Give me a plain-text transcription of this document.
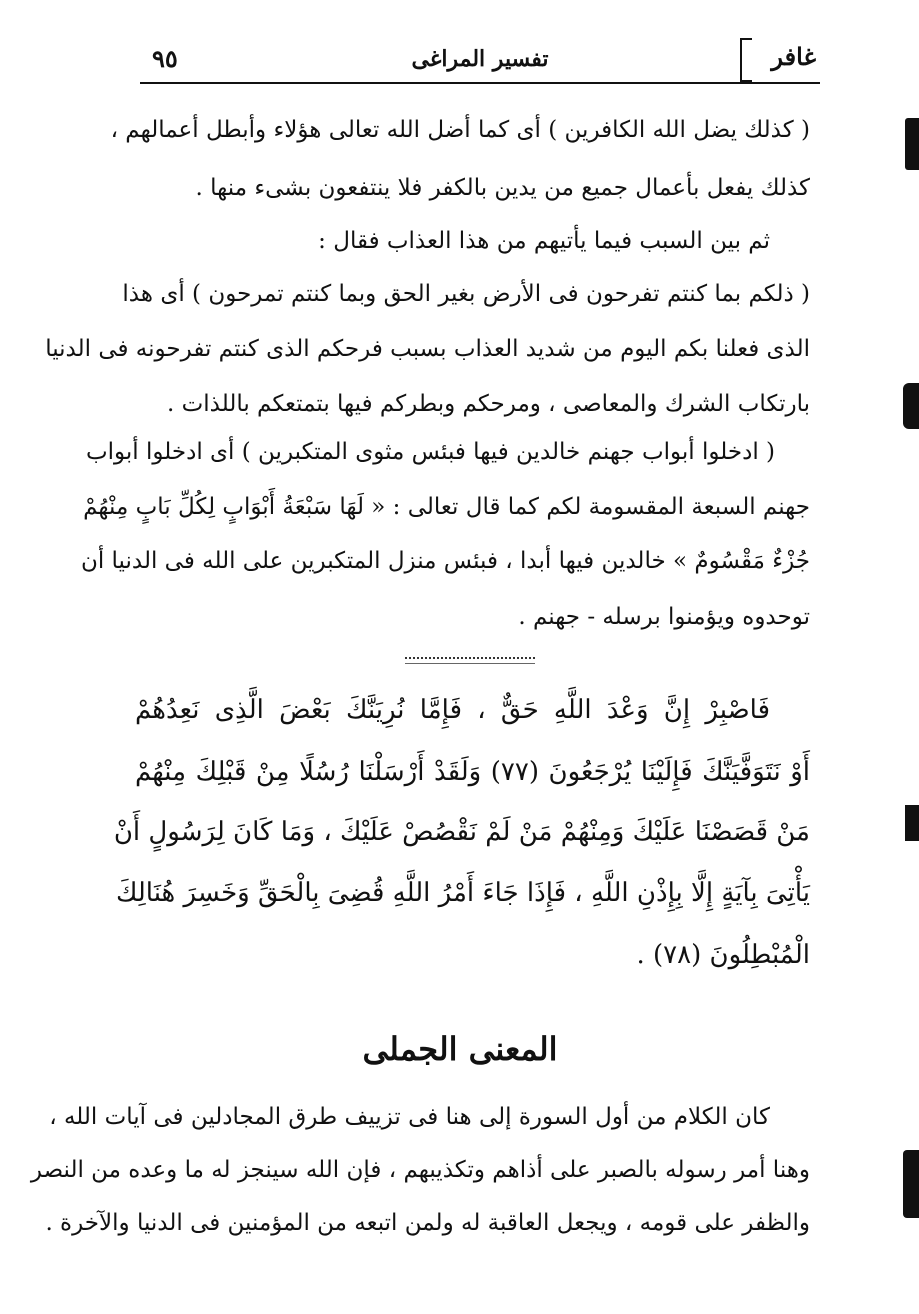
٩٥	تفسير المراغى	غافر
( كذلك يضل الله الكافرين ) أى كما أضل الله تعالى هؤلاء وأبطل أعمالهم ،
كذلك يفعل بأعمال جميع من يدين بالكفر فلا ينتفعون بشىء منها .
ثم بين السبب فيما يأتيهم من هذا العذاب فقال :
( ذلكم بما كنتم تفرحون فى الأرض بغير الحق وبما كنتم تمرحون ) أى هذا
الذى فعلنا بكم اليوم من شديد العذاب بسبب فرحكم الذى كنتم تفرحونه فى الدنيا
بارتكاب الشرك والمعاصى ، ومرحكم وبطركم فيها بتمتعكم باللذات .
( ادخلوا أبواب جهنم خالدين فيها فبئس مثوى المتكبرين ) أى ادخلوا أبواب
جهنم السبعة المقسومة لكم كما قال تعالى : « لَهَا سَبْعَةُ أَبْوَابٍ لِكُلِّ بَابٍ مِنْهُمْ
جُزْءٌ مَقْسُومٌ » خالدين فيها أبدا ، فبئس منزل المتكبرين على الله فى الدنيا أن
توحدوه ويؤمنوا برسله - جهنم .
فَاصْبِرْ إِنَّ وَعْدَ اللَّهِ حَقٌّ ، فَإِمَّا نُرِيَنَّكَ بَعْضَ الَّذِى نَعِدُهُمْ
أَوْ نَتَوَفَّيَنَّكَ فَإِلَيْنَا يُرْجَعُونَ (٧٧) وَلَقَدْ أَرْسَلْنَا رُسُلًا مِنْ قَبْلِكَ مِنْهُمْ
مَنْ قَصَصْنَا عَلَيْكَ وَمِنْهُمْ مَنْ لَمْ نَقْصُصْ عَلَيْكَ ، وَمَا كَانَ لِرَسُولٍ أَنْ
يَأْتِىَ بِآيَةٍ إِلَّا بِإِذْنِ اللَّهِ ، فَإِذَا جَاءَ أَمْرُ اللَّهِ قُضِىَ بِالْحَقِّ وَخَسِرَ هُنَالِكَ
الْمُبْطِلُونَ (٧٨) .
المعنى الجملى
كان الكلام من أول السورة إلى هنا فى تزييف طرق المجادلين فى آيات الله ،
وهنا أمر رسوله بالصبر على أذاهم وتكذيبهم ، فإن الله سينجز له ما وعده من النصر
والظفر على قومه ، ويجعل العاقبة له ولمن اتبعه من المؤمنين فى الدنيا والآخرة .
